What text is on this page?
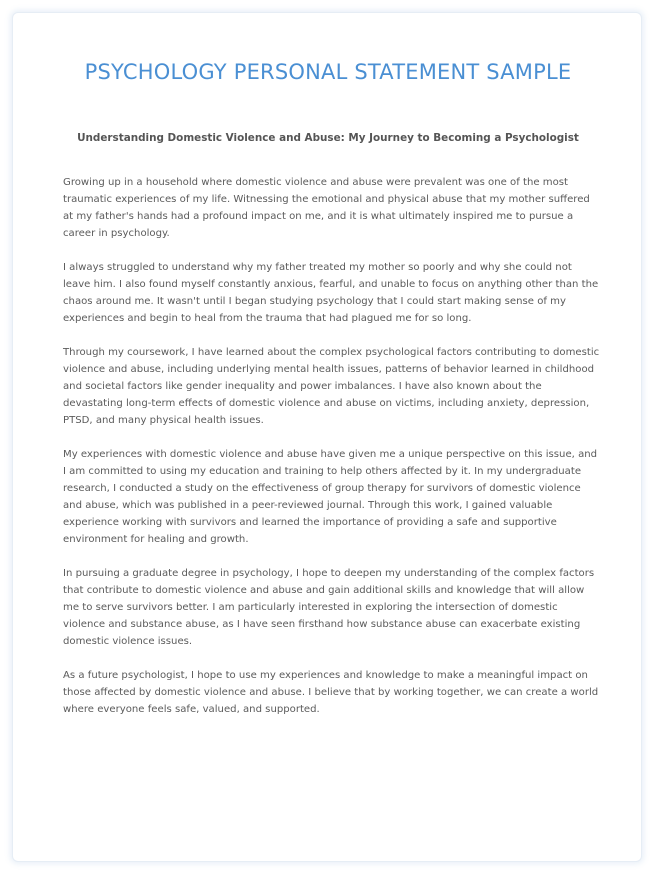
PSYCHOLOGY PERSONAL STATEMENT SAMPLE
Understanding Domestic Violence and Abuse: My Journey to Becoming a Psychologist

Growing up in a household where domestic violence and abuse were prevalent was one of the most traumatic experiences of my life. Witnessing the emotional and physical abuse that my mother suffered at my father's hands had a profound impact on me, and it is what ultimately inspired me to pursue a career in psychology.

I always struggled to understand why my father treated my mother so poorly and why she could not leave him. I also found myself constantly anxious, fearful, and unable to focus on anything other than the chaos around me. It wasn't until I began studying psychology that I could start making sense of my experiences and begin to heal from the trauma that had plagued me for so long.

Through my coursework, I have learned about the complex psychological factors contributing to domestic violence and abuse, including underlying mental health issues, patterns of behavior learned in childhood and societal factors like gender inequality and power imbalances. I have also known about the devastating long-term effects of domestic violence and abuse on victims, including anxiety, depression, PTSD, and many physical health issues.

My experiences with domestic violence and abuse have given me a unique perspective on this issue, and I am committed to using my education and training to help others affected by it. In my undergraduate research, I conducted a study on the effectiveness of group therapy for survivors of domestic violence and abuse, which was published in a peer-reviewed journal. Through this work, I gained valuable experience working with survivors and learned the importance of providing a safe and supportive environment for healing and growth.

In pursuing a graduate degree in psychology, I hope to deepen my understanding of the complex factors that contribute to domestic violence and abuse and gain additional skills and knowledge that will allow me to serve survivors better. I am particularly interested in exploring the intersection of domestic violence and substance abuse, as I have seen firsthand how substance abuse can exacerbate existing domestic violence issues.

As a future psychologist, I hope to use my experiences and knowledge to make a meaningful impact on those affected by domestic violence and abuse. I believe that by working together, we can create a world where everyone feels safe, valued, and supported.
